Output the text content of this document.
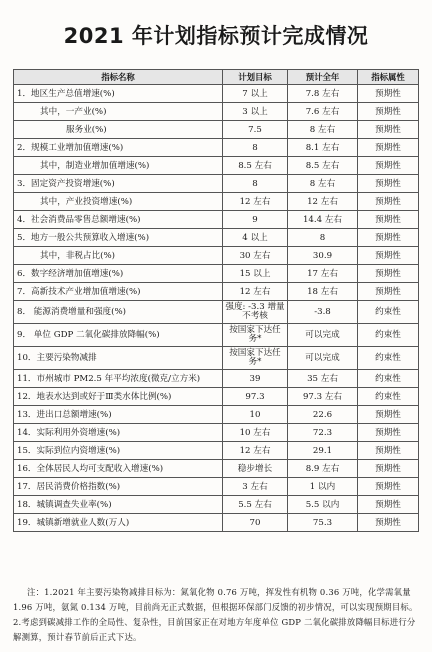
2021 年计划指标预计完成情况
指标名称	计划目标	预计全年	指标属性
1．地区生产总值增速(%)	7 以上	7.8 左右	预期性
其中，一产业(%)	3 以上	7.6 左右	预期性
服务业(%)	7.5	8 左右	预期性
2．规模工业增加值增速(%)	8	8.1 左右	预期性
其中，制造业增加值增速(%)	8.5 左右	8.5 左右	预期性
3．固定资产投资增速(%)	8	8 左右	预期性
其中，产业投资增速(%)	12 左右	12 左右	预期性
4．社会消费品零售总额增速(%)	9	14.4 左右	预期性
5．地方一般公共预算收入增速(%)	4 以上	8	预期性
其中，非税占比(%)	30 左右	30.9	预期性
6．数字经济增加值增速(%)	15 以上	17 左右	预期性
7．高新技术产业增加值增速(%)	12 左右	18 左右	预期性
8． 能源消费增量和强度(%)	强度: -3.3 增量不考核	-3.8	约束性
9． 单位 GDP 二氧化碳排放降幅(%)	按国家下达任务*	可以完成	约束性
10．主要污染物减排	按国家下达任务*	可以完成	约束性
11．市州城市 PM2.5 年平均浓度(微克/立方米)	39	35 左右	约束性
12．地表水达到或好于Ⅲ类水体比例(%)	97.3	97.3 左右	约束性
13．进出口总额增速(%)	10	22.6	预期性
14．实际利用外资增速(%)	10 左右	72.3	预期性
15．实际到位内资增速(%)	12 左右	29.1	预期性
16．全体居民人均可支配收入增速(%)	稳步增长	8.9 左右	预期性
17．居民消费价格指数(%)	3 左右	1 以内	预期性
18．城镇调查失业率(%)	5.5 左右	5.5 以内	预期性
19．城镇新增就业人数(万人)	70	75.3	预期性
注：1.2021 年主要污染物减排目标为：氮氧化物 0.76 万吨，挥发性有机物 0.36 万吨，化学需氧量 1.96 万吨，氨氮 0.134 万吨，目前尚无正式数据，但根据环保部门反馈的初步情况，可以实现预期目标。2.考虑到碳减排工作的全局性、复杂性，目前国家正在对地方年度单位 GDP 二氧化碳排放降幅目标进行分解测算，预计春节前后正式下达。
